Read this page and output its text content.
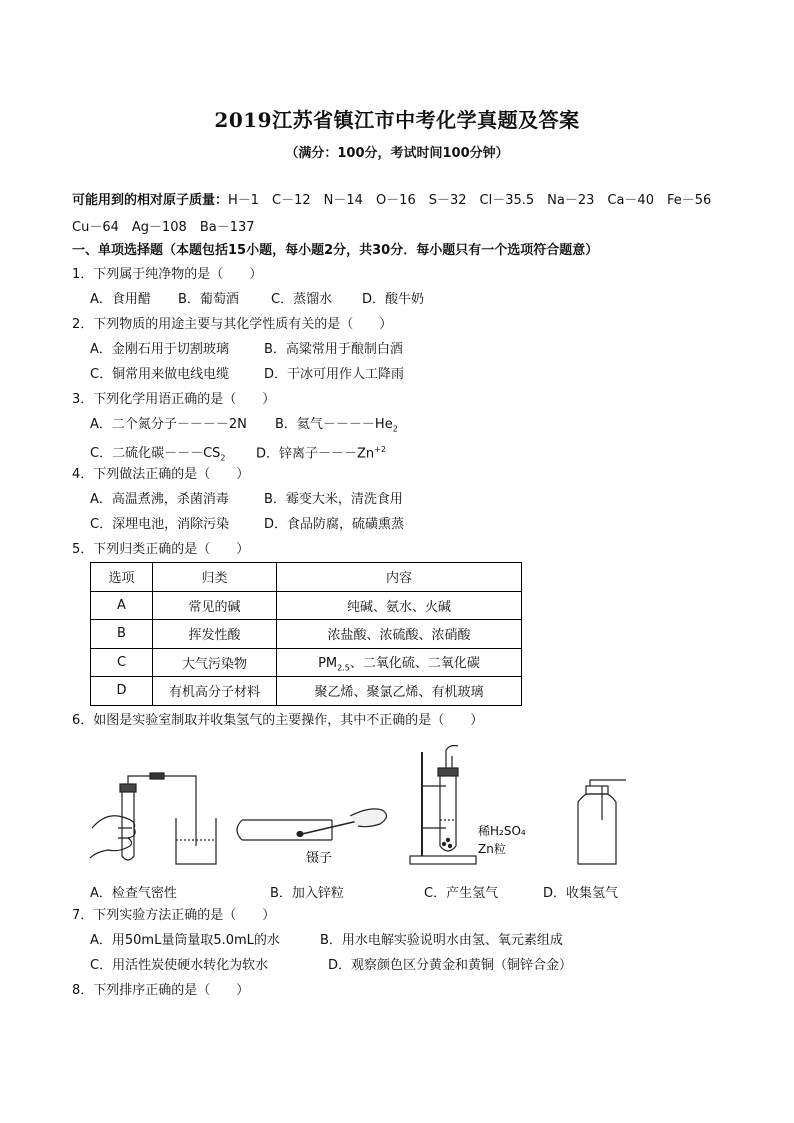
2019江苏省镇江市中考化学真题及答案
（满分：100分，考试时间100分钟）
可能用到的相对原子质量：H－1　C－12　N－14　O－16　S－32　Cl－35.5　Na－23　Ca－40　Fe－56
Cu－64　Ag－108　Ba－137
一、单项选择题（本题包括15小题，每小题2分，共30分．每小题只有一个选项符合题意）
1．下列属于纯净物的是（　　）
A．食用醋 B．葡萄酒 C．蒸馏水 D．酸牛奶
2．下列物质的用途主要与其化学性质有关的是（　　）
A．金刚石用于切割玻璃	B．高粱常用于酿制白酒
C．铜常用来做电线电缆	D．干冰可用作人工降雨
3．下列化学用语正确的是（　　）
A．二个氮分子－－－－2N B．氦气$----He_2$
C．二硫化碳$---CS_2$ D．锌离子$---Zn^{+2}$
4．下列做法正确的是（　　）
A．高温煮沸，杀菌消毒	B．霉变大米，清洗食用
C．深埋电池，消除污染	D．食品防腐，硫磺熏蒸
5．下列归类正确的是（　　）
选项	归类	内容
A	常见的碱	纯碱、氨水、火碱
B	挥发性酸	浓盐酸、浓硫酸、浓硝酸
C	大气污染物	$PM_{2.5}$、二氧化硫、二氧化碳
D	有机高分子材料	聚乙烯、聚氯乙烯、有机玻璃
6．如图是实验室制取并收集氢气的主要操作，其中不正确的是（　　）
镊子
稀H₂SO₄
Zn粒
A．检查气密性	B．加入锌粒	C．产生氢气	D．收集氢气
7．下列实验方法正确的是（　　）
A．用50mL量筒量取5.0mL的水	B．用水电解实验说明水由氢、氧元素组成
C．用活性炭使硬水转化为软水	D．观察颜色区分黄金和黄铜（铜锌合金）
8．下列排序正确的是（　　）
